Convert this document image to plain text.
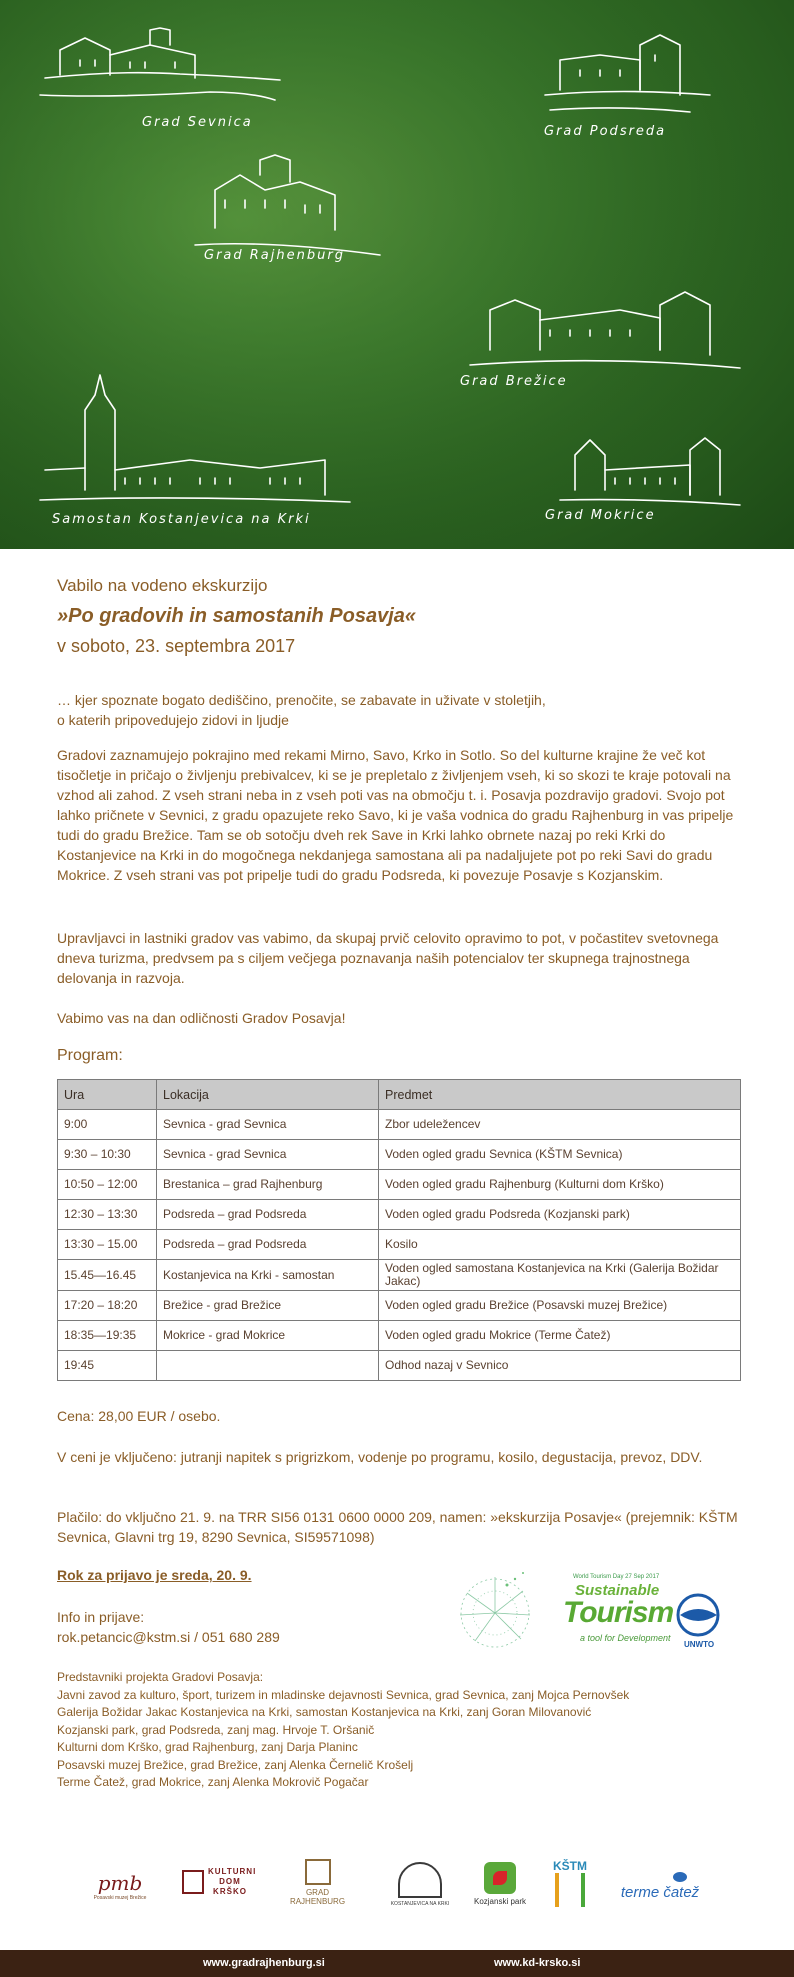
Grad Sevnica
Grad Podsreda
Grad Rajhenburg
Grad Brežice
Samostan Kostanjevica na Krki	Grad Mokrice
Vabilo na vodeno ekskurzijo
»Po gradovih in samostanih Posavja«
v soboto, 23. septembra 2017
… kjer spoznate bogato dediščino, prenočite, se zabavate in uživate v stoletjih,
o katerih pripovedujejo zidovi in ljudje

Gradovi zaznamujejo pokrajino med rekami Mirno, Savo, Krko in Sotlo. So del kulturne krajine že več kot tisočletje in pričajo o življenju prebivalcev, ki se je prepletalo z življenjem vseh, ki so skozi te kraje potovali na vzhod ali zahod. Z vseh strani neba in z vseh poti vas na območju t. i. Posavja pozdravijo gradovi. Svojo pot lahko pričnete v Sevnici, z gradu opazujete reko Savo, ki je vaša vodnica do gradu Rajhenburg in vas pripelje tudi do gradu Brežice. Tam se ob sotočju dveh rek Save in Krki lahko obrnete nazaj po reki Krki do Kostanjevice na Krki in do mogočnega nekdanjega samostana ali pa nadaljujete pot po reki Savi do gradu Mokrice. Z vseh strani vas pot pripelje tudi do gradu Podsreda, ki povezuje Posavje s Kozjanskim.

Upravljavci in lastniki gradov vas vabimo, da skupaj prvič celovito opravimo to pot, v počastitev svetovnega dneva turizma, predvsem pa s ciljem večjega poznavanja naših potencialov ter skupnega trajnostnega delovanja in razvoja.

Vabimo vas na dan odličnosti Gradov Posavja!

Program:
Ura	Lokacija	Predmet
9:00	Sevnica - grad Sevnica	Zbor udeležencev
9:30 – 10:30	Sevnica - grad Sevnica	Voden ogled gradu Sevnica (KŠTM Sevnica)
10:50 – 12:00	Brestanica – grad Rajhenburg	Voden ogled gradu Rajhenburg (Kulturni dom Krško)
12:30 – 13:30	Podsreda – grad Podsreda	Voden ogled gradu Podsreda (Kozjanski park)
13:30 – 15.00	Podsreda – grad Podsreda	Kosilo
15.45—16.45	Kostanjevica na Krki - samostan	Voden ogled samostana Kostanjevica na Krki (Galerija Božidar Jakac)
17:20 – 18:20	Brežice - grad Brežice	Voden ogled gradu Brežice (Posavski muzej Brežice)
18:35—19:35	Mokrice - grad Mokrice	Voden ogled gradu Mokrice (Terme Čatež)
19:45		Odhod nazaj v Sevnico
Cena: 28,00 EUR / osebo.
V ceni je vključeno: jutranji napitek s prigrizkom, vodenje po programu, kosilo, degustacija, prevoz, DDV.
Plačilo: do vključno 21. 9. na TRR SI56 0131 0600 0000 209, namen: »ekskurzija Posavje« (prejemnik: KŠTM Sevnica, Glavni trg 19, 8290 Sevnica, SI59571098)
Rok za prijavo je sreda, 20. 9.
Info in prijave:
rok.petancic@kstm.si / 051 680 289
World Tourism Day 27 Sep 2017
Sustainable
Tourism
a tool for Development
UNWTO
Predstavniki projekta Gradovi Posavja:
Javni zavod za kulturo, šport, turizem in mladinske dejavnosti Sevnica, grad Sevnica, zanj Mojca Pernovšek
Galerija Božidar Jakac Kostanjevica na Krki, samostan Kostanjevica na Krki, zanj Goran Milovanović
Kozjanski park, grad Podsreda, zanj mag. Hrvoje T. Oršanič
Kulturni dom Krško, grad Rajhenburg, zanj Darja Planinc
Posavski muzej Brežice, grad Brežice, zanj Alenka Černelič Krošelj
Terme Čatež, grad Mokrice, zanj Alenka Mokrovič Pogačar
pmb
Posavski muzej Brežice
KULTURNI DOM KRŠKO	GRAD
RAJHENBURG	KOSTANJEVICA NA KRKI	Kozjanski park
KŠTM
terme čatež
www.gradrajhenburg.si	www.kd-krsko.si
